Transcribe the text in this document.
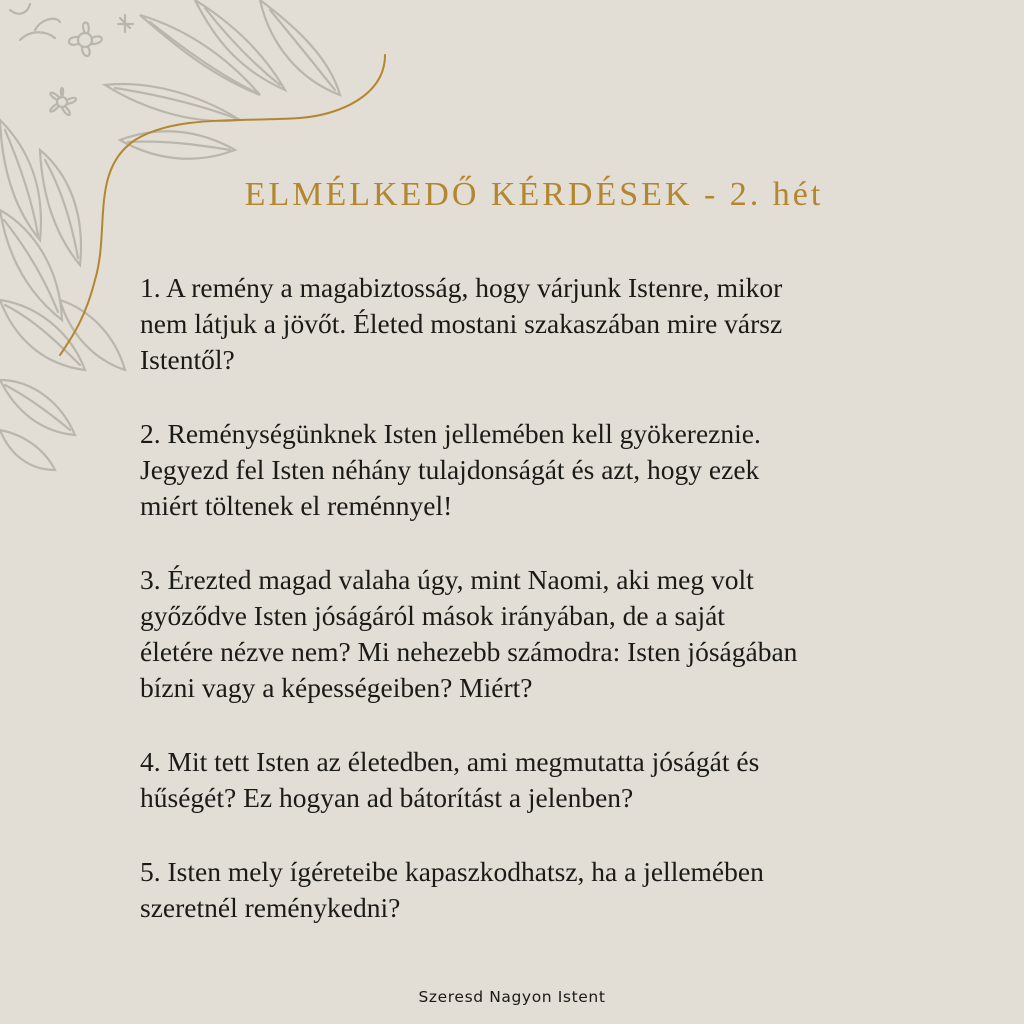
ELMÉLKEDŐ KÉRDÉSEK - 2. hét

1. A remény a magabiztosság, hogy várjunk Istenre, mikor
nem látjuk a jövőt. Életed mostani szakaszában mire vársz
Istentől?

2. Reménységünknek Isten jellemében kell gyökereznie.
Jegyezd fel Isten néhány tulajdonságát és azt, hogy ezek
miért töltenek el reménnyel!

3. Érezted magad valaha úgy, mint Naomi, aki meg volt
győződve Isten jóságáról mások irányában, de a saját
életére nézve nem? Mi nehezebb számodra: Isten jóságában
bízni vagy a képességeiben? Miért?

4. Mit tett Isten az életedben, ami megmutatta jóságát és
hűségét? Ez hogyan ad bátorítást a jelenben?

5. Isten mely ígéreteibe kapaszkodhatsz, ha a jellemében
szeretnél reménykedni?

Szeresd Nagyon Istent
